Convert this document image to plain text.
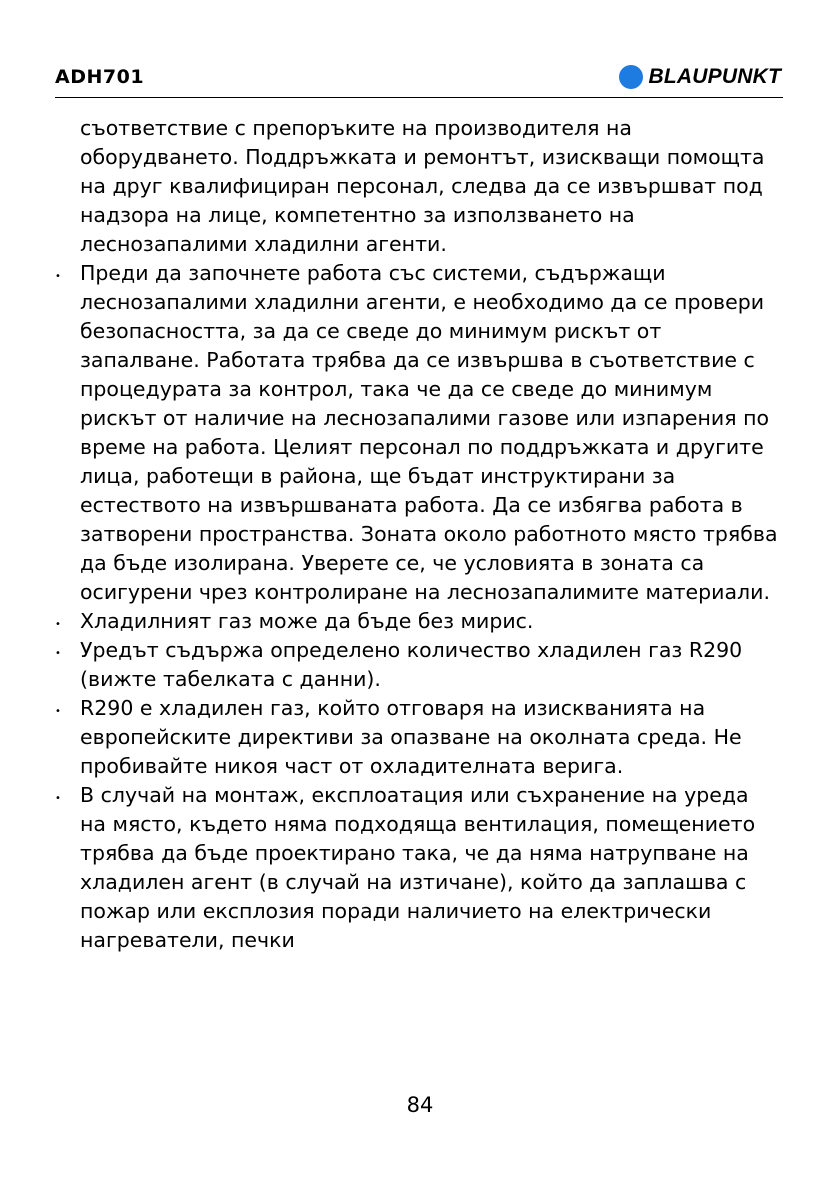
ADH701	BLAUPUNKT

съответствие с препоръките на производителя на оборудването. Поддръжката и ремонтът, изискващи помощта на друг квалифициран персонал, следва да се извършват под надзора на лице, компетентно за използването на леснозапалими хладилни агенти.

•
Преди да започнете работа със системи, съдържащи леснозапалими хладилни агенти, е необходимо да се провери безопасността, за да се сведе до минимум рискът от запалване. Работата трябва да се извършва в съответствие с процедурата за контрол, така че да се сведе до минимум рискът от наличие на леснозапалими газове или изпарения по време на работа. Целият персонал по поддръжката и другите лица, работещи в района, ще бъдат инструктирани за естеството на извършваната работа. Да се избягва работа в затворени пространства. Зоната около работното място трябва да бъде изолирана. Уверете се, че условията в зоната са осигурени чрез контролиране на леснозапалимите материали.
•
Хладилният газ може да бъде без мирис.
•
Уредът съдържа определено количество хладилен газ R290 (вижте табелката с данни).
•
R290 е хладилен газ, който отговаря на изискванията на европейските директиви за опазване на околната среда. Не пробивайте никоя част от охладителната верига.
•
В случай на монтаж, експлоатация или съхранение на уреда на място, където няма подходяща вентилация, помещението трябва да бъде проектирано така, че да няма натрупване на хладилен агент (в случай на изтичане), който да заплашва с пожар или експлозия поради наличието на електрически нагреватели, печки
84
